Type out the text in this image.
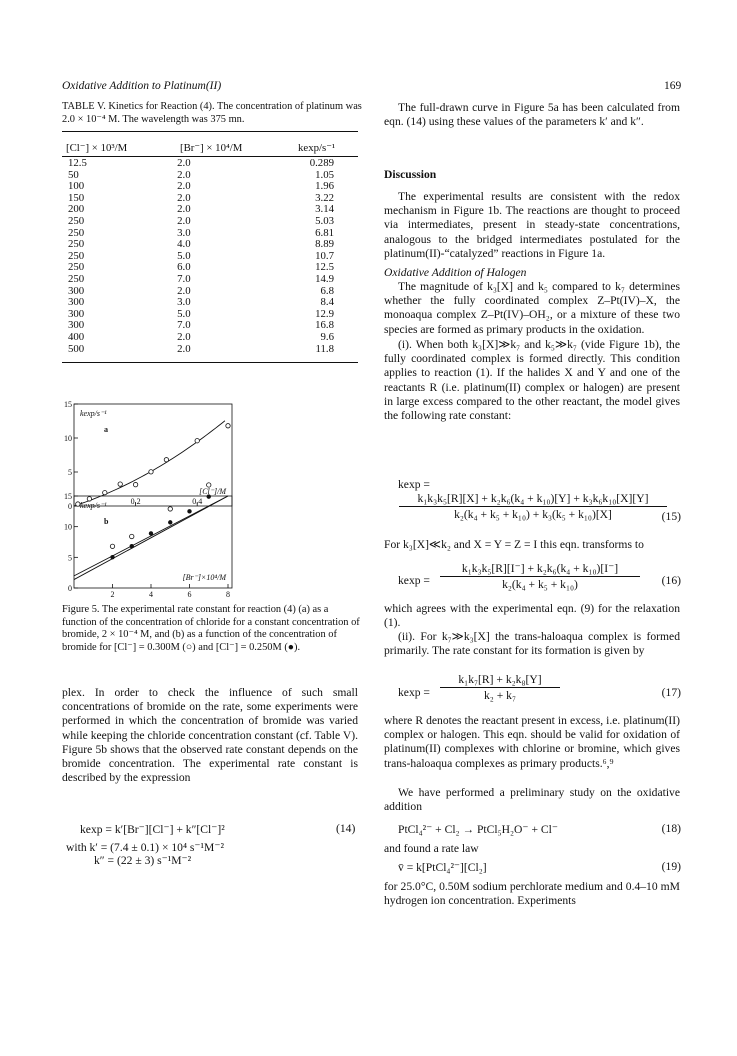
Oxidative Addition to Platinum(II)	169
TABLE V. Kinetics for Reaction (4). The concentration of platinum was 2.0 × 10⁻⁴ M. The wavelength was 375 mn.
[Cl⁻] × 10³/M	[Br⁻] × 10⁴/M	kexp/s⁻¹
12.5	2.0	0.289
50	2.0	1.05
100	2.0	1.96
150	2.0	3.22
200	2.0	3.14
250	2.0	5.03
250	3.0	6.81
250	4.0	8.89
250	5.0	10.7
250	6.0	12.5
250	7.0	14.9
300	2.0	6.8
300	3.0	8.4
300	5.0	12.9
300	7.0	16.8
400	2.0	9.6
500	2.0	11.8
15
10
5
0
15
10
5
0
0.2	0.4
2	4	6	8
kexp/s⁻¹
kexp/s⁻¹
a
b
[Cl⁻]/M
[Br⁻]×10⁴/M
Figure 5. The experimental rate constant for reaction (4) (a) as a function of the concentration of chloride for a constant concentration of bromide, 2 × 10⁻⁴ M, and (b) as a function of the concentration of bromide for [Cl⁻] = 0.300M (○) and [Cl⁻] = 0.250M (●).

plex. In order to check the influence of such small concentrations of bromide on the rate, some experiments were performed in which the concentration of bromide was varied while keeping the chloride concentration constant (cf. Table V). Figure 5b shows that the observed rate constant depends on the bromide concentration. The experimental rate constant is described by the expression

kexp = k′[Br⁻][Cl⁻] + k″[Cl⁻]²	(14)
with k′ = (7.4 ± 0.1) × 10⁴ s⁻¹M⁻²
k″ = (22 ± 3) s⁻¹M⁻²

The full-drawn curve in Figure 5a has been calculated from eqn. (14) using these values of the parameters k′ and k″.

Discussion

The experimental results are consistent with the redox mechanism in Figure 1b. The reactions are thought to proceed via intermediates, present in steady-state concentrations, analogous to the bridged intermediates postulated for the platinum(II)-“catalyzed” reactions in Figure 1a.

Oxidative Addition of Halogen

The magnitude of k₃[X] and k₅ compared to k₇ determines whether the fully coordinated complex Z–Pt(IV)–X, the monoaqua complex Z–Pt(IV)–OH₂, or a mixture of these two species are formed as primary products in the oxidation.

(i). When both k₃[X]≫k₇ and k₅≫k₇ (vide Figure 1b), the fully coordinated complex is formed directly. This condition applies to reaction (1). If the halides X and Y and one of the reactants R (i.e. platinum(II) complex or halogen) are present in large excess compared to the other reactant, the model gives the following rate constant:

kexp =
$\frac{\text{k₁k₃k₅[R][X] + k₂k₆(k₄ + k₁₀)[Y] + k₃k₆k₁₀[X][Y]}}{\text{k₂(k₄ + k₅ + k₁₀) + k₃(k₅ + k₁₀)[X]}}$
(15)

For k₃[X]≪k₂ and X = Y = Z = I this eqn. transforms to

$kexp = \frac{\text{k₁k₃k₅[R][I⁻] + k₂k₆(k₄ + k₁₀)[I⁻]}}{\text{k₂(k₄ + k₅ + k₁₀)}} (16)$

which agrees with the experimental eqn. (9) for the relaxation (1).

(ii). For k₇≫k₃[X] the trans-haloaqua complex is formed primarily. The rate constant for its formation is given by

$kexp = \frac{\text{k₁k₇[R] + k₂k₈[Y]}}{\text{k₂ + k₇}}$	(17)

where R denotes the reactant present in excess, i.e. platinum(II) complex or halogen. This eqn. should be valid for oxidation of platinum(II) complexes with chlorine or bromine, which gives trans-haloaqua complexes as primary products.⁶,⁹

We have performed a preliminary study on the oxidative addition

PtCl₄²⁻ + Cl₂ → PtCl₅H₂O⁻ + Cl⁻	(18)
and found a rate law
v̄ = k[PtCl₄²⁻][Cl₂]	(19)

for 25.0°C, 0.50M sodium perchlorate medium and 0.4–10 mM hydrogen ion concentration. Experiments
